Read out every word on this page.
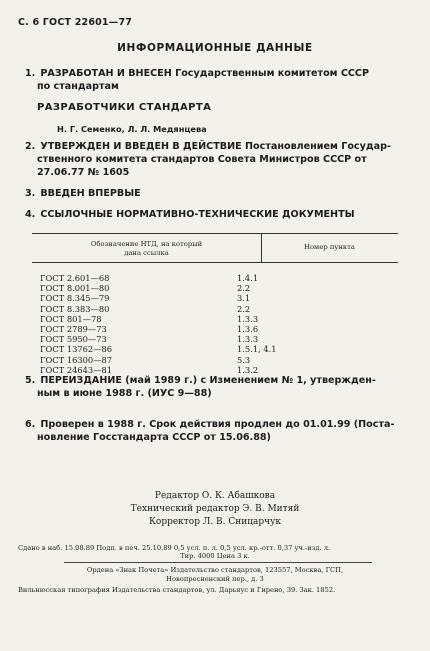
С. 6 ГОСТ 22601—77
ИНФОРМАЦИОННЫЕ ДАННЫЕ
1. РАЗРАБОТАН И ВНЕСЕН Государственным комитетом СССР
по стандартам
РАЗРАБОТЧИКИ СТАНДАРТА
Н. Г. Семенко, Л. Л. Медянцева
2. УТВЕРЖДЕН И ВВЕДЕН В ДЕЙСТВИЕ Постановлением Государ-
ственного комитета стандартов Совета Министров СССР от
27.06.77 № 1605
3. ВВЕДЕН ВПЕРВЫЕ
4. ССЫЛОЧНЫЕ НОРМАТИВНО-ТЕХНИЧЕСКИЕ ДОКУМЕНТЫ
Обозначение НТД, на который
дана ссылка
Номер пункта
ГОСТ 2.601—68	1.4.1
ГОСТ 8.001—80	2.2
ГОСТ 8.345—79	3.1
ГОСТ 8.383—80	2.2
ГОСТ 801—78	1.3.3
ГОСТ 2789—73	1.3.6
ГОСТ 5950—73	1.3.3
ГОСТ 13762—86	1.5.1, 4.1
ГОСТ 16300—87	5.3
ГОСТ 24643—81	1.3.2
5. ПЕРЕИЗДАНИЕ (май 1989 г.) с Изменением № 1, утвержден-
ным в июне 1988 г. (ИУС 9—88)
6. Проверен в 1988 г. Срок действия продлен до 01.01.99 (Поста-
новление Госстандарта СССР от 15.06.88)
Редактор О. К. Абашкова
Технический редактор Э. В. Митяй
Корректор Л. В. Сницарчук
Сдано в наб. 15.08.89 Подп. в печ. 25.10.89 0,5 усл. п. л. 0,5 усл. кр.-отт. 0,37 уч.-изд. л.
Тир. 4000 Цена 3 к.
Ордена «Знак Почета» Издательство стандартов, 123557, Москва, ГСП,
Новопресненский пер., д. 3
Вильнюсская типография Издательства стандартов, ул. Дарьяус и Гирено, 39. Зак. 1852.
